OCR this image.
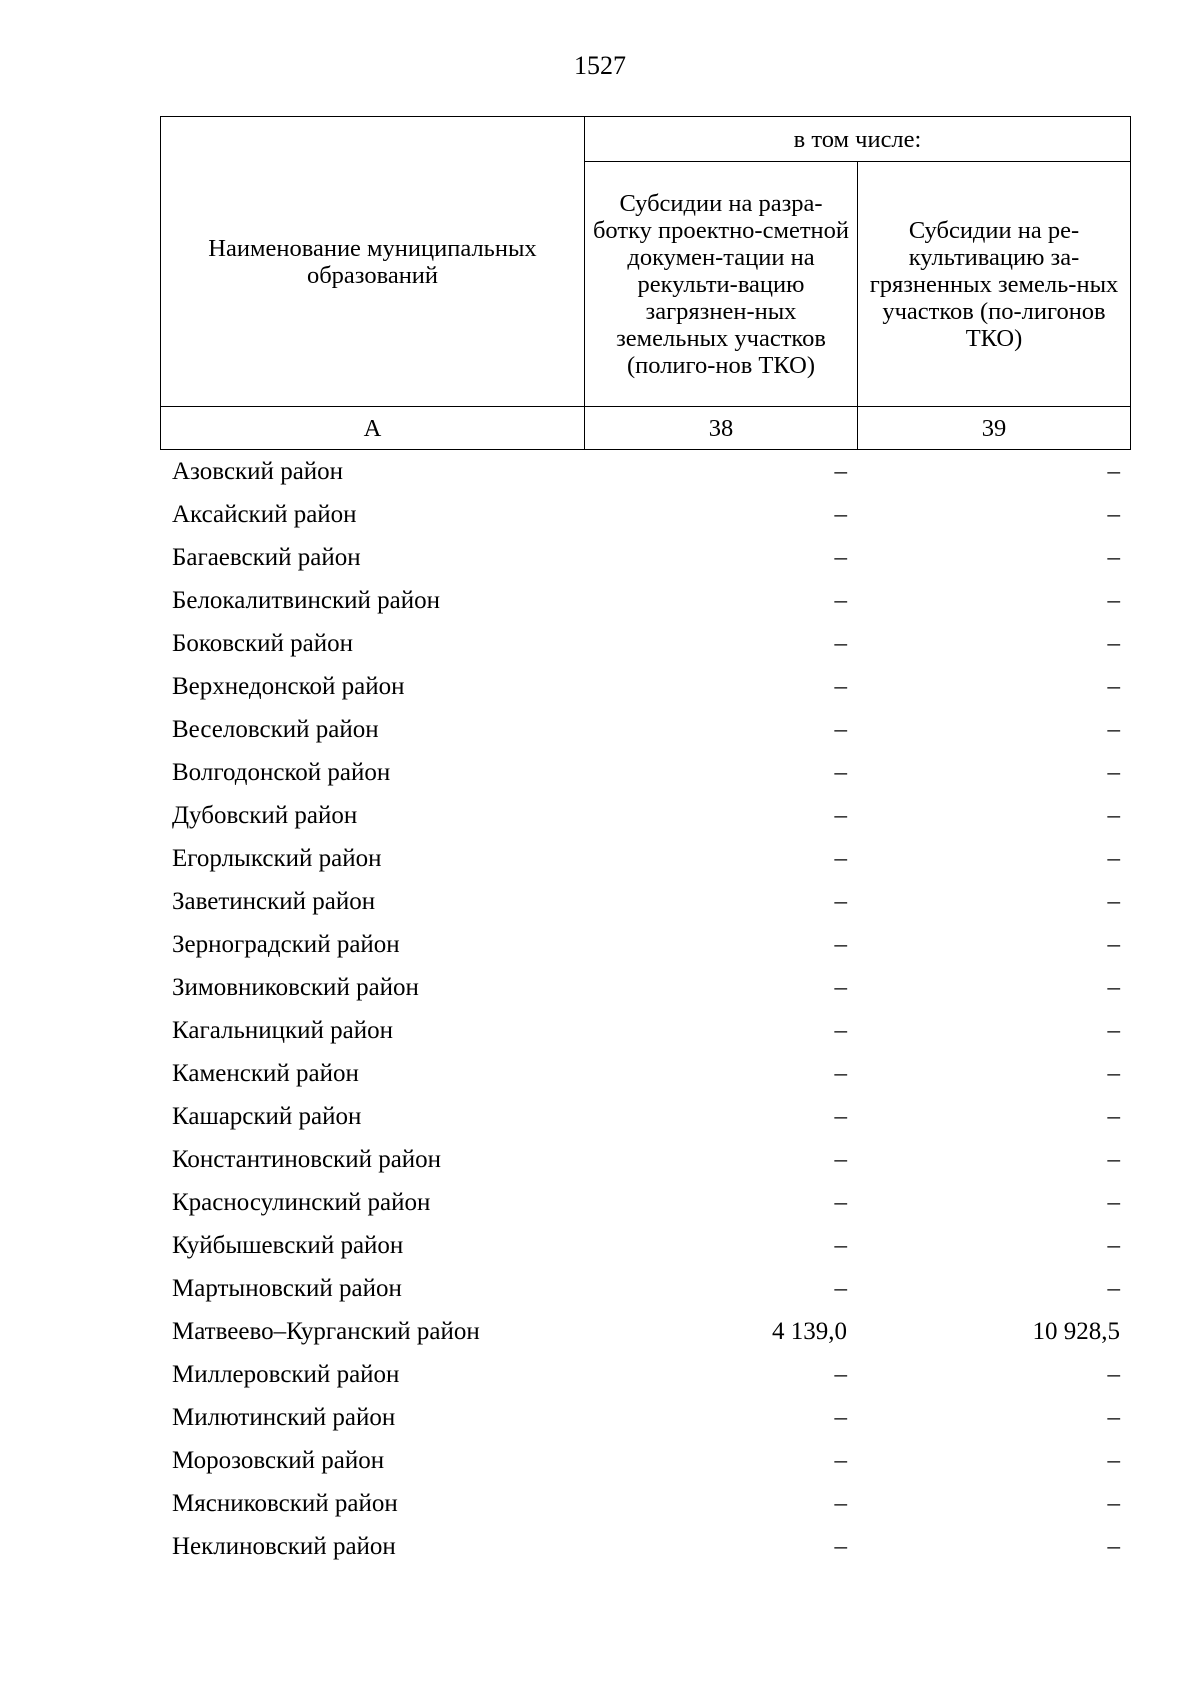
1527
Наименование муниципальных образований	в том числе:	
	Субсидии на разра-ботку проектно-сметной докумен-тации на рекульти-вацию загрязнен-ных земельных участков (полиго-нов ТКО)	Субсидии на ре-культивацию за-грязненных земель-ных участков (по-лигонов ТКО)
А	38	39
Азовский район	–	–
Аксайский район	–	–
Багаевский район	–	–
Белокалитвинский район	–	–
Боковский район	–	–
Верхнедонской район	–	–
Веселовский район	–	–
Волгодонской район	–	–
Дубовский район	–	–
Егорлыкский район	–	–
Заветинский район	–	–
Зерноградский район	–	–
Зимовниковский район	–	–
Кагальницкий район	–	–
Каменский район	–	–
Кашарский район	–	–
Константиновский район	–	–
Красносулинский район	–	–
Куйбышевский район	–	–
Мартыновский район	–	–
Матвеево–Курганский район	4 139,0	10 928,5
Миллеровский район	–	–
Милютинский район	–	–
Морозовский район	–	–
Мясниковский район	–	–
Неклиновский район	–	–
